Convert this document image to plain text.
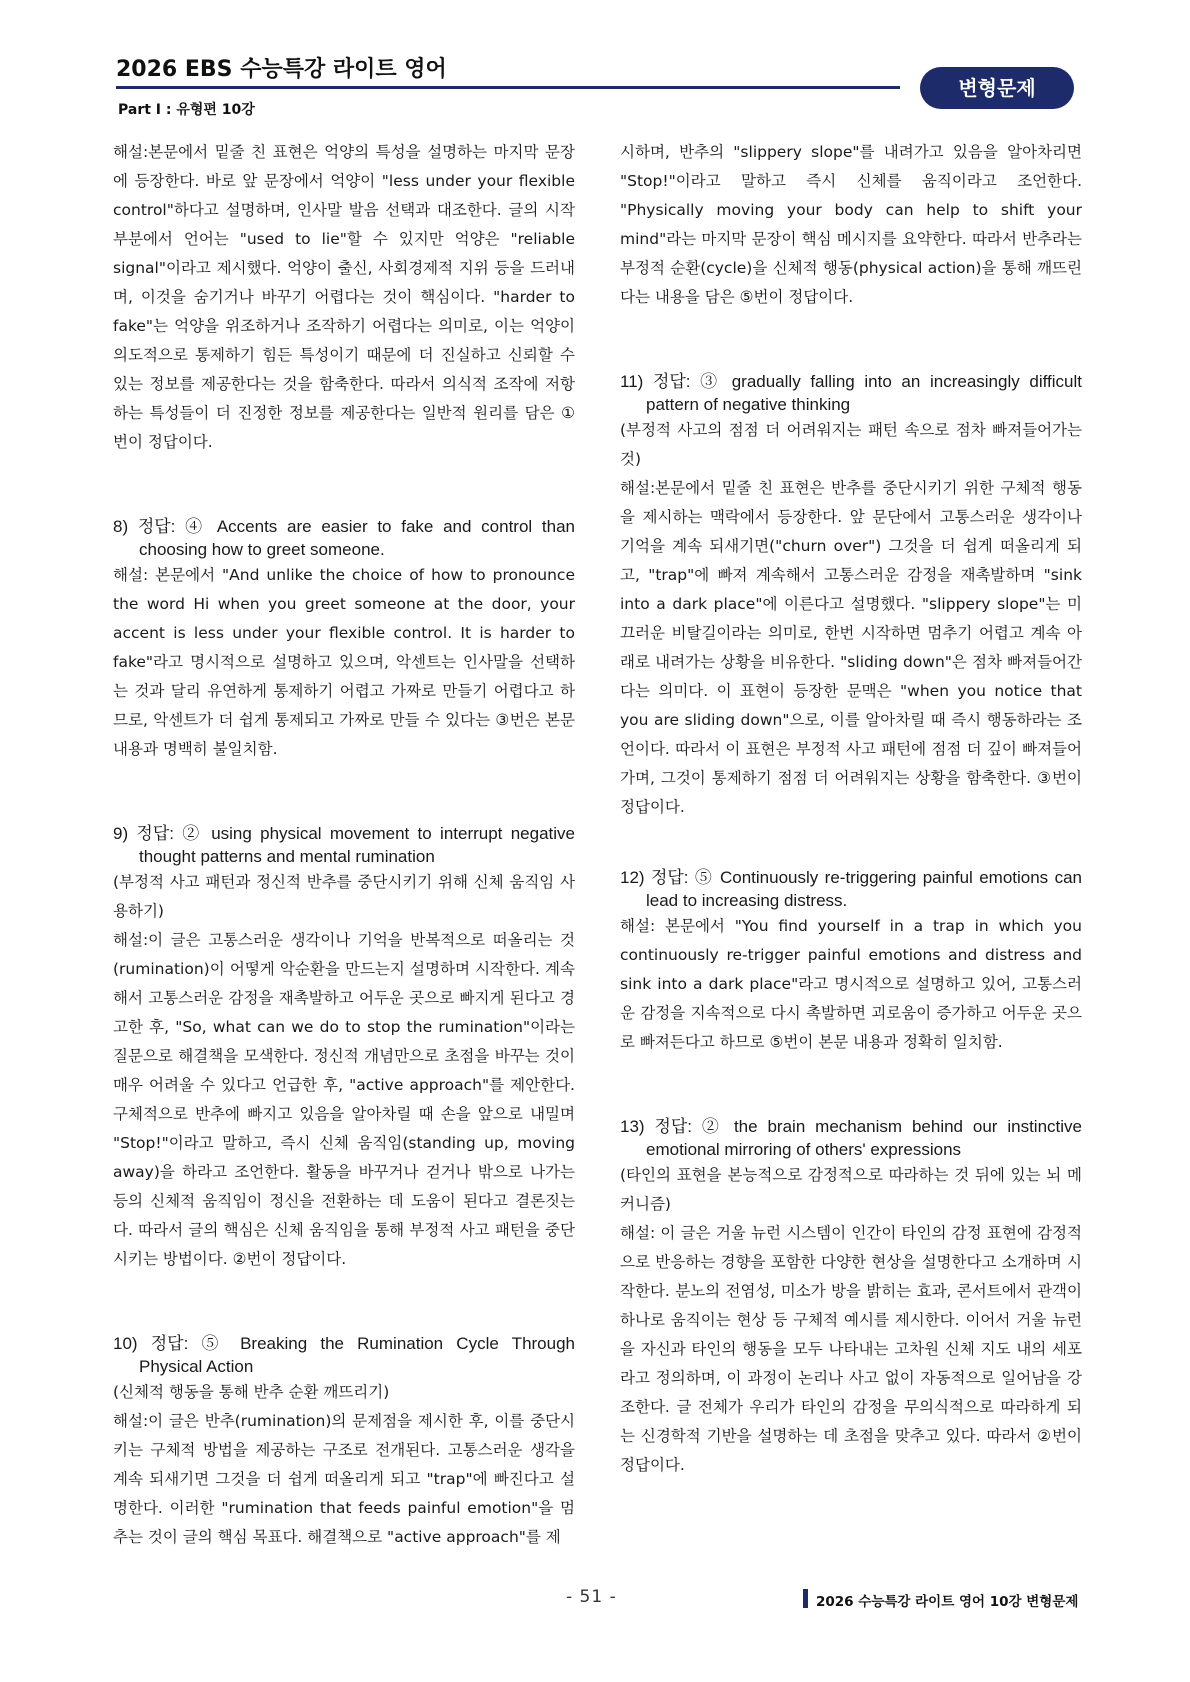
2026 EBS 수능특강 라이트 영어
변형문제
Part Ⅰ : 유형편 10강

해설:본문에서 밑줄 친 표현은 억양의 특성을 설명하는 마지막 문장에 등장한다. 바로 앞 문장에서 억양이 "less under your flexible control"하다고 설명하며, 인사말 발음 선택과 대조한다. 글의 시작 부분에서 언어는 "used to lie"할 수 있지만 억양은 "reliable signal"이라고 제시했다. 억양이 출신, 사회경제적 지위 등을 드러내며, 이것을 숨기거나 바꾸기 어렵다는 것이 핵심이다. "harder to fake"는 억양을 위조하거나 조작하기 어렵다는 의미로, 이는 억양이 의도적으로 통제하기 힘든 특성이기 때문에 더 진실하고 신뢰할 수 있는 정보를 제공한다는 것을 함축한다. 따라서 의식적 조작에 저항하는 특성들이 더 진정한 정보를 제공한다는 일반적 원리를 담은 ①번이 정답이다.

8) 정답: ④ Accents are easier to fake and control than choosing how to greet someone.

해설: 본문에서 "And unlike the choice of how to pronounce the word Hi when you greet someone at the door, your accent is less under your flexible control. It is harder to fake"라고 명시적으로 설명하고 있으며, 악센트는 인사말을 선택하는 것과 달리 유연하게 통제하기 어렵고 가짜로 만들기 어렵다고 하므로, 악센트가 더 쉽게 통제되고 가짜로 만들 수 있다는 ③번은 본문 내용과 명백히 불일치함.

9) 정답: ② using physical movement to interrupt negative thought patterns and mental rumination

(부정적 사고 패턴과 정신적 반추를 중단시키기 위해 신체 움직임 사용하기)

해설:이 글은 고통스러운 생각이나 기억을 반복적으로 떠올리는 것(rumination)이 어떻게 악순환을 만드는지 설명하며 시작한다. 계속해서 고통스러운 감정을 재촉발하고 어두운 곳으로 빠지게 된다고 경고한 후, "So, what can we do to stop the rumination"이라는 질문으로 해결책을 모색한다. 정신적 개념만으로 초점을 바꾸는 것이 매우 어려울 수 있다고 언급한 후, "active approach"를 제안한다. 구체적으로 반추에 빠지고 있음을 알아차릴 때 손을 앞으로 내밀며 "Stop!"이라고 말하고, 즉시 신체 움직임(standing up, moving away)을 하라고 조언한다. 활동을 바꾸거나 걷거나 밖으로 나가는 등의 신체적 움직임이 정신을 전환하는 데 도움이 된다고 결론짓는다. 따라서 글의 핵심은 신체 움직임을 통해 부정적 사고 패턴을 중단시키는 방법이다. ②번이 정답이다.

10) 정답: ⑤ Breaking the Rumination Cycle Through Physical Action

(신체적 행동을 통해 반추 순환 깨뜨리기)

해설:이 글은 반추(rumination)의 문제점을 제시한 후, 이를 중단시키는 구체적 방법을 제공하는 구조로 전개된다. 고통스러운 생각을 계속 되새기면 그것을 더 쉽게 떠올리게 되고 "trap"에 빠진다고 설명한다. 이러한 "rumination that feeds painful emotion"을 멈추는 것이 글의 핵심 목표다. 해결책으로 "active approach"를 제

시하며, 반추의 "slippery slope"를 내려가고 있음을 알아차리면 "Stop!"이라고 말하고 즉시 신체를 움직이라고 조언한다. "Physically moving your body can help to shift your mind"라는 마지막 문장이 핵심 메시지를 요약한다. 따라서 반추라는 부정적 순환(cycle)을 신체적 행동(physical action)을 통해 깨뜨린다는 내용을 담은 ⑤번이 정답이다.

11) 정답: ③ gradually falling into an increasingly difficult pattern of negative thinking

(부정적 사고의 점점 더 어려워지는 패턴 속으로 점차 빠져들어가는 것)

해설:본문에서 밑줄 친 표현은 반추를 중단시키기 위한 구체적 행동을 제시하는 맥락에서 등장한다. 앞 문단에서 고통스러운 생각이나 기억을 계속 되새기면("churn over") 그것을 더 쉽게 떠올리게 되고, "trap"에 빠져 계속해서 고통스러운 감정을 재촉발하며 "sink into a dark place"에 이른다고 설명했다. "slippery slope"는 미끄러운 비탈길이라는 의미로, 한번 시작하면 멈추기 어렵고 계속 아래로 내려가는 상황을 비유한다. "sliding down"은 점차 빠져들어간다는 의미다. 이 표현이 등장한 문맥은 "when you notice that you are sliding down"으로, 이를 알아차릴 때 즉시 행동하라는 조언이다. 따라서 이 표현은 부정적 사고 패턴에 점점 더 깊이 빠져들어가며, 그것이 통제하기 점점 더 어려워지는 상황을 함축한다. ③번이 정답이다.

12) 정답: ⑤ Continuously re-triggering painful emotions can lead to increasing distress.

해설: 본문에서 "You find yourself in a trap in which you continuously re-trigger painful emotions and distress and sink into a dark place"라고 명시적으로 설명하고 있어, 고통스러운 감정을 지속적으로 다시 촉발하면 괴로움이 증가하고 어두운 곳으로 빠져든다고 하므로 ⑤번이 본문 내용과 정확히 일치함.

13) 정답: ② the brain mechanism behind our instinctive emotional mirroring of others' expressions

(타인의 표현을 본능적으로 감정적으로 따라하는 것 뒤에 있는 뇌 메커니즘)

해설: 이 글은 거울 뉴런 시스템이 인간이 타인의 감정 표현에 감정적으로 반응하는 경향을 포함한 다양한 현상을 설명한다고 소개하며 시작한다. 분노의 전염성, 미소가 방을 밝히는 효과, 콘서트에서 관객이 하나로 움직이는 현상 등 구체적 예시를 제시한다. 이어서 거울 뉴런을 자신과 타인의 행동을 모두 나타내는 고차원 신체 지도 내의 세포라고 정의하며, 이 과정이 논리나 사고 없이 자동적으로 일어남을 강조한다. 글 전체가 우리가 타인의 감정을 무의식적으로 따라하게 되는 신경학적 기반을 설명하는 데 초점을 맞추고 있다. 따라서 ②번이 정답이다.

- 51 -	2026 수능특강 라이트 영어 10강 변형문제
